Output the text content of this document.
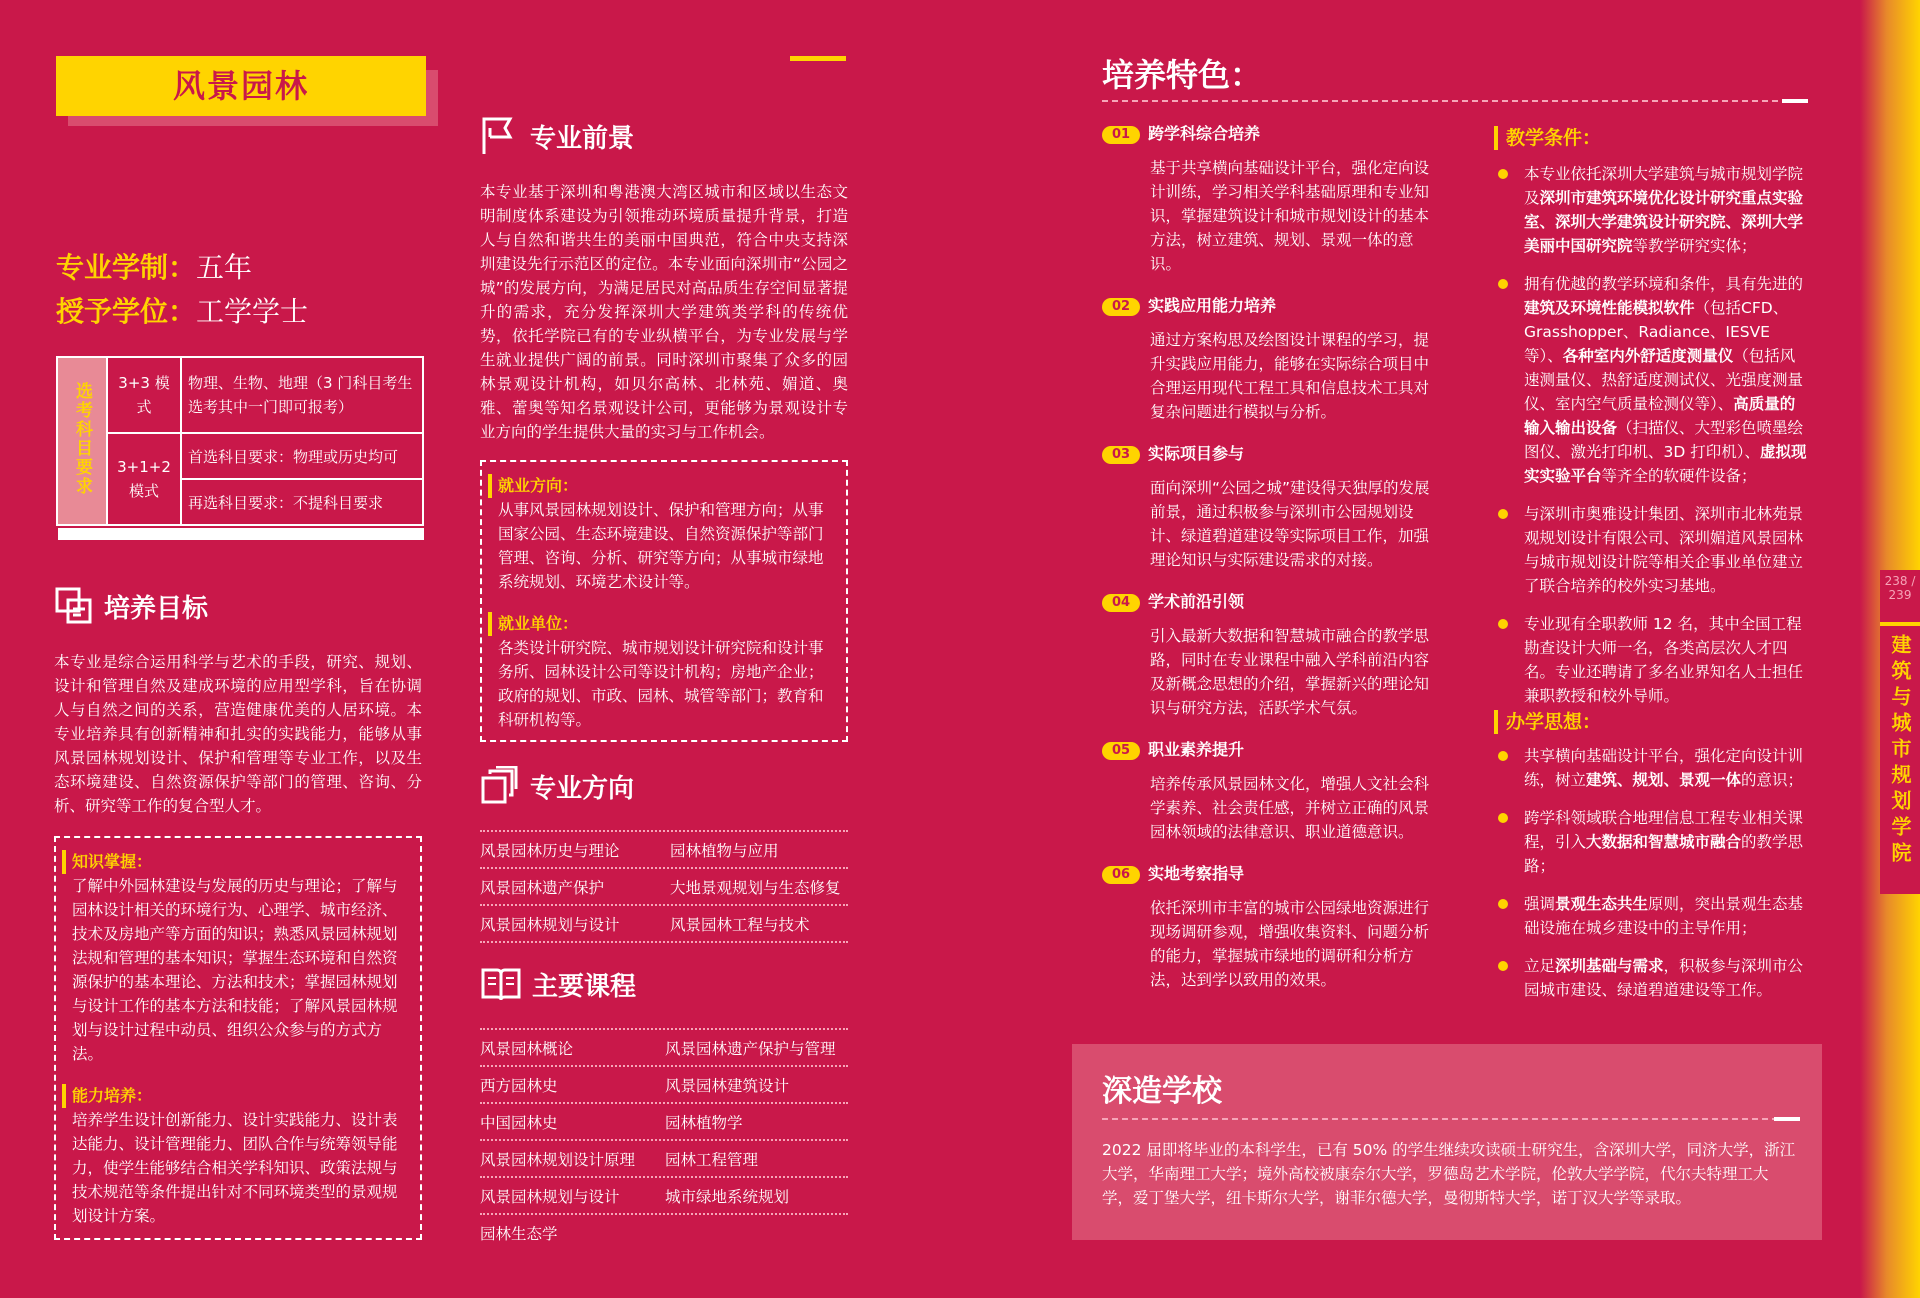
风景园林
专业学制：五年
授予学位：工学学士
选考科目要求	3+3 模式	物理、生物、地理（3 门科目考生选考其中一门即可报考）
	3+1+2 模式	首选科目要求：物理或历史均可
		再选科目要求：不提科目要求
培养目标
本专业是综合运用科学与艺术的手段，研究、规划、设计和管理自然及建成环境的应用型学科，旨在协调人与自然之间的关系，营造健康优美的人居环境。本专业培养具有创新精神和扎实的实践能力，能够从事风景园林规划设计、保护和管理等专业工作，以及生态环境建设、自然资源保护等部门的管理、咨询、分析、研究等工作的复合型人才。
知识掌握：
了解中外园林建设与发展的历史与理论；了解与园林设计相关的环境行为、心理学、城市经济、技术及房地产等方面的知识；熟悉风景园林规划法规和管理的基本知识；掌握生态环境和自然资源保护的基本理论、方法和技术；掌握园林规划与设计工作的基本方法和技能；了解风景园林规划与设计过程中动员、组织公众参与的方式方法。
能力培养：
培养学生设计创新能力、设计实践能力、设计表达能力、设计管理能力、团队合作与统筹领导能力，使学生能够结合相关学科知识、政策法规与技术规范等条件提出针对不同环境类型的景观规划设计方案。
专业前景
本专业基于深圳和粤港澳大湾区城市和区域以生态文明制度体系建设为引领推动环境质量提升背景，打造人与自然和谐共生的美丽中国典范，符合中央支持深圳建设先行示范区的定位。本专业面向深圳市“公园之城”的发展方向，为满足居民对高品质生存空间显著提升的需求，充分发挥深圳大学建筑类学科的传统优势，依托学院已有的专业纵横平台，为专业发展与学生就业提供广阔的前景。同时深圳市聚集了众多的园林景观设计机构，如贝尔高林、北林苑、媚道、奥雅、蕾奥等知名景观设计公司，更能够为景观设计专业方向的学生提供大量的实习与工作机会。
就业方向：
从事风景园林规划设计、保护和管理方向；从事国家公园、生态环境建设、自然资源保护等部门管理、咨询、分析、研究等方向；从事城市绿地系统规划、环境艺术设计等。
就业单位：
各类设计研究院、城市规划设计研究院和设计事务所、园林设计公司等设计机构；房地产企业；政府的规划、市政、园林、城管等部门；教育和科研机构等。
专业方向
风景园林历史与理论	园林植物与应用
风景园林遗产保护	大地景观规划与生态修复
风景园林规划与设计	风景园林工程与技术
主要课程
风景园林概论	风景园林遗产保护与管理
西方园林史	风景园林建筑设计
中国园林史	园林植物学
风景园林规划设计原理	园林工程管理
风景园林规划与设计	城市绿地系统规划
园林生态学
培养特色：
01 跨学科综合培养
基于共享横向基础设计平台，强化定向设计训练，学习相关学科基础原理和专业知识，掌握建筑设计和城市规划设计的基本方法，树立建筑、规划、景观一体的意识。
02 实践应用能力培养
通过方案构思及绘图设计课程的学习，提升实践应用能力，能够在实际综合项目中合理运用现代工程工具和信息技术工具对复杂问题进行模拟与分析。
03 实际项目参与
面向深圳“公园之城”建设得天独厚的发展前景，通过积极参与深圳市公园规划设计、绿道碧道建设等实际项目工作，加强理论知识与实际建设需求的对接。
04 学术前沿引领
引入最新大数据和智慧城市融合的教学思路，同时在专业课程中融入学科前沿内容及新概念思想的介绍，掌握新兴的理论知识与研究方法，活跃学术气氛。
05 职业素养提升
培养传承风景园林文化，增强人文社会科学素养、社会责任感，并树立正确的风景园林领域的法律意识、职业道德意识。
06 实地考察指导
依托深圳市丰富的城市公园绿地资源进行现场调研参观，增强收集资料、问题分析的能力，掌握城市绿地的调研和分析方法，达到学以致用的效果。
教学条件：
本专业依托深圳大学建筑与城市规划学院及深圳市建筑环境优化设计研究重点实验室、深圳大学建筑设计研究院、深圳大学美丽中国研究院等教学研究实体；
拥有优越的教学环境和条件，具有先进的建筑及环境性能模拟软件（包括CFD、Grasshopper、Radiance、IESVE等）、各种室内外舒适度测量仪（包括风速测量仪、热舒适度测试仪、光强度测量仪、室内空气质量检测仪等）、高质量的输入输出设备（扫描仪、大型彩色喷墨绘图仪、激光打印机、3D 打印机）、虚拟现实实验平台等齐全的软硬件设备；
与深圳市奥雅设计集团、深圳市北林苑景观规划设计有限公司、深圳媚道风景园林与城市规划设计院等相关企事业单位建立了联合培养的校外实习基地。
专业现有全职教师 12 名，其中全国工程勘查设计大师一名，各类高层次人才四名。专业还聘请了多名业界知名人士担任兼职教授和校外导师。
办学思想：
共享横向基础设计平台，强化定向设计训练，树立建筑、规划、景观一体的意识；
跨学科领域联合地理信息工程专业相关课程，引入大数据和智慧城市融合的教学思路；
强调景观生态共生原则，突出景观生态基础设施在城乡建设中的主导作用；
立足深圳基础与需求，积极参与深圳市公园城市建设、绿道碧道建设等工作。
深造学校
2022 届即将毕业的本科学生，已有 50% 的学生继续攻读硕士研究生，含深圳大学，同济大学，浙江大学，华南理工大学；境外高校被康奈尔大学，罗德岛艺术学院，伦敦大学学院，代尔夫特理工大学，爱丁堡大学，纽卡斯尔大学，谢菲尔德大学，曼彻斯特大学，诺丁汉大学等录取。
238 / 239
建筑与城市规划学院
